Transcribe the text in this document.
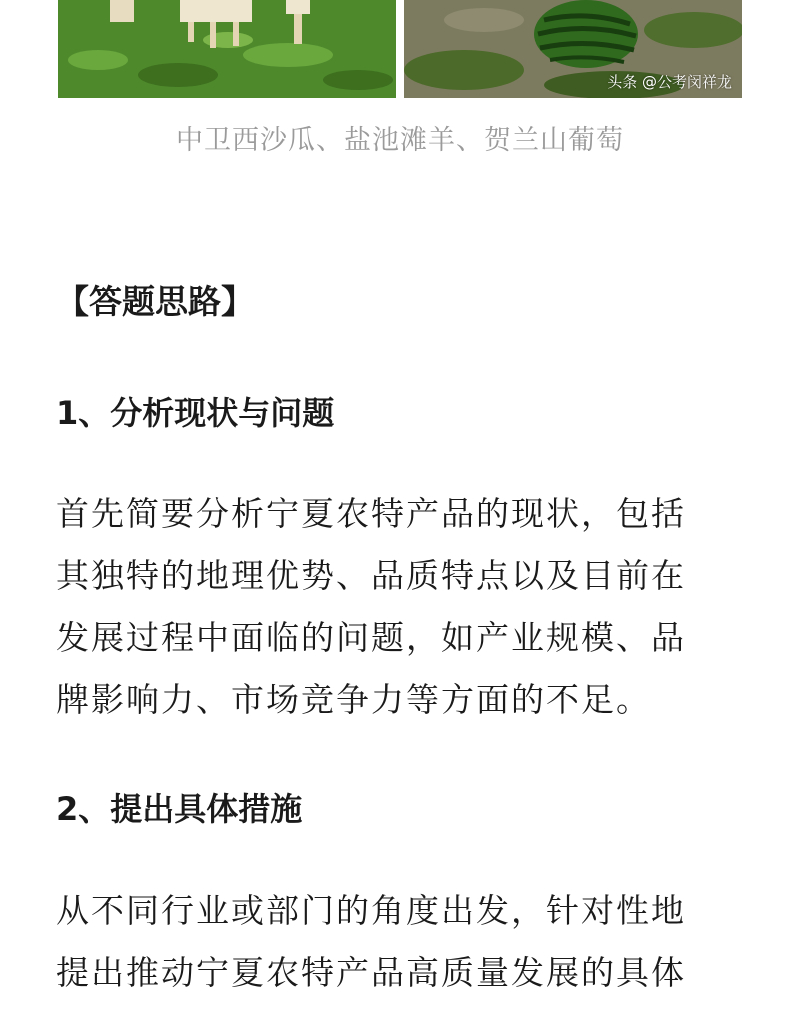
头条 @公考闵祥龙
中卫西沙瓜、盐池滩羊、贺兰山葡萄
【答题思路】
1、分析现状与问题
首先简要分析宁夏农特产品的现状，包括
其独特的地理优势、品质特点以及目前在
发展过程中面临的问题，如产业规模、品
牌影响力、市场竞争力等方面的不足。
2、提出具体措施
从不同行业或部门的角度出发，针对性地
提出推动宁夏农特产品高质量发展的具体
